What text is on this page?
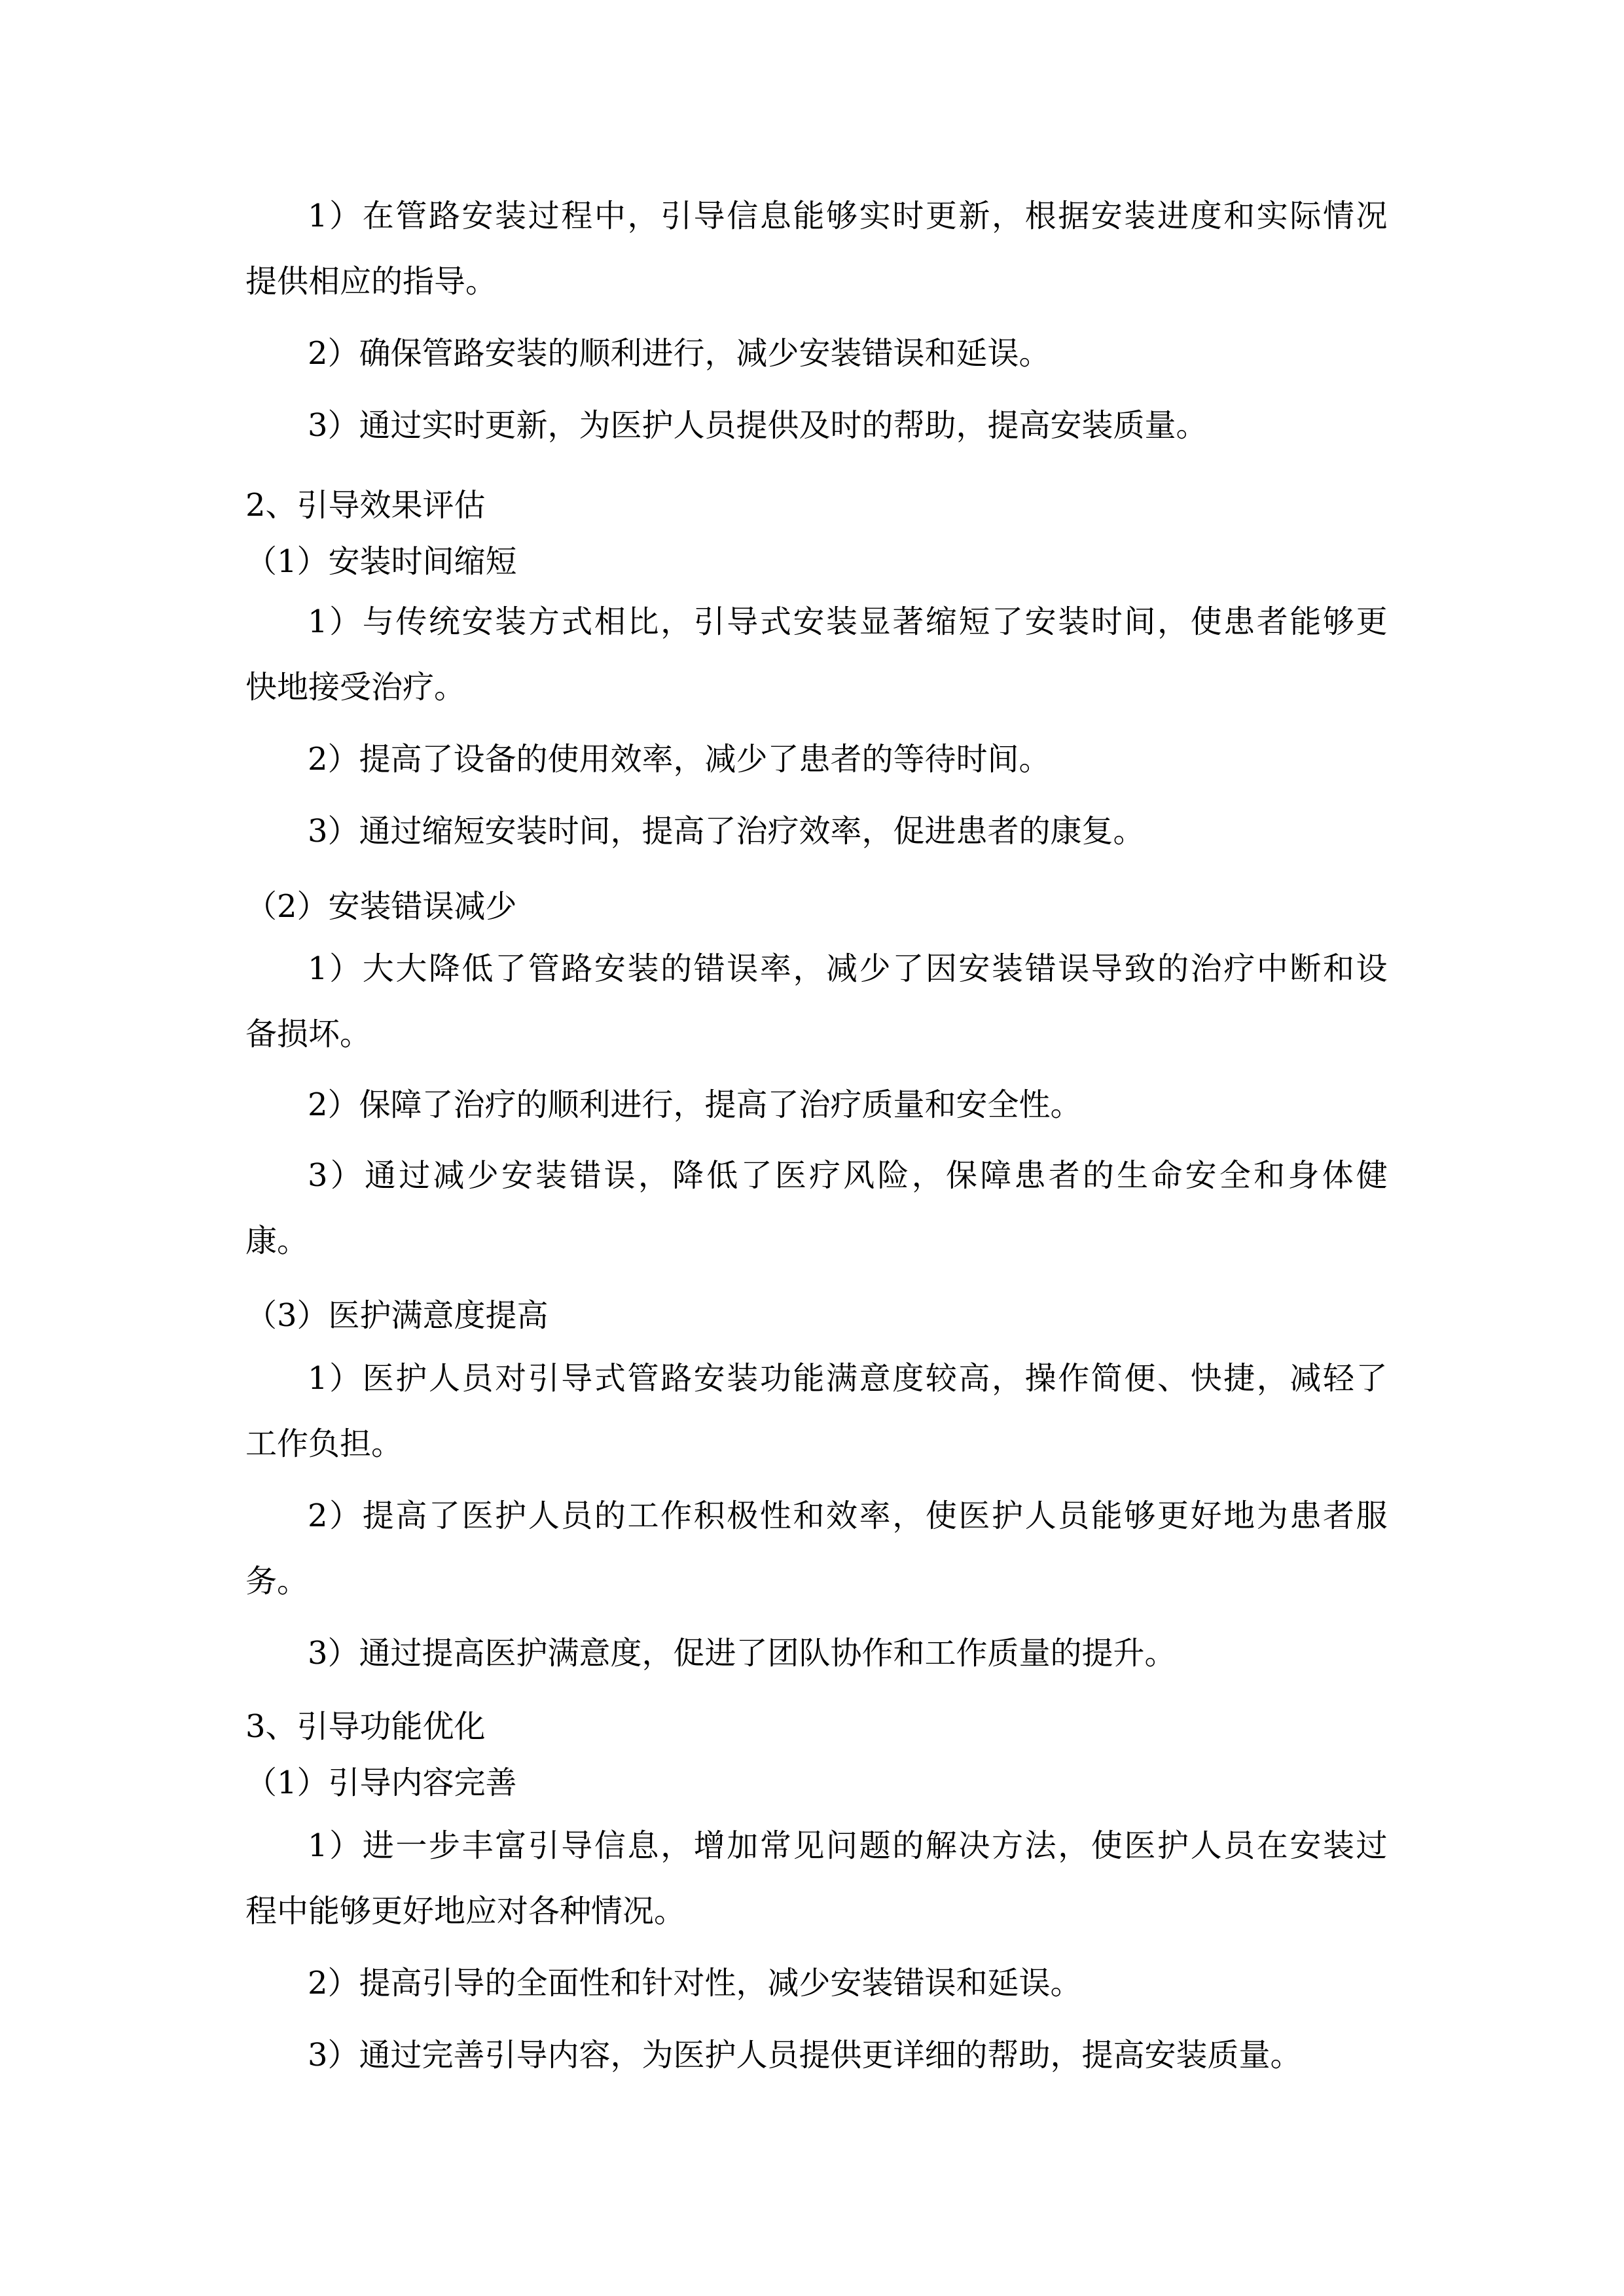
1 ） 在 管 路 安 装 过 程 中 ， 引 导 信 息 能 够 实 时 更 新 ， 根 据 安 装 进 度 和 实 际 情 况
提供相应的指导。
2）确保管路安装的顺利进行，减少安装错误和延误。
3）通过实时更新，为医护人员提供及时的帮助，提高安装质量。
2、引导效果评估
（1）安装时间缩短
1 ） 与 传 统 安 装 方 式 相 比 ， 引 导 式 安 装 显 著 缩 短 了 安 装 时 间 ， 使 患 者 能 够 更
快地接受治疗。
2）提高了设备的使用效率，减少了患者的等待时间。
3）通过缩短安装时间，提高了治疗效率，促进患者的康复。
（2）安装错误减少
1 ） 大 大 降 低 了 管 路 安 装 的 错 误 率 ， 减 少 了 因 安 装 错 误 导 致 的 治 疗 中 断 和 设
备损坏。
2）保障了治疗的顺利进行，提高了治疗质量和安全性。
3 ） 通 过 减 少 安 装 错 误 ， 降 低 了 医 疗 风 险 ， 保 障 患 者 的 生 命 安 全 和 身 体 健
康。
（3）医护满意度提高
1 ） 医 护 人 员 对 引 导 式 管 路 安 装 功 能 满 意 度 较 高 ， 操 作 简 便 、 快 捷 ， 减 轻 了
工作负担。
2 ） 提 高 了 医 护 人 员 的 工 作 积 极 性 和 效 率 ， 使 医 护 人 员 能 够 更 好 地 为 患 者 服
务。
3）通过提高医护满意度，促进了团队协作和工作质量的提升。
3、引导功能优化
（1）引导内容完善
1 ） 进 一 步 丰 富 引 导 信 息 ， 增 加 常 见 问 题 的 解 决 方 法 ， 使 医 护 人 员 在 安 装 过
程中能够更好地应对各种情况。
2）提高引导的全面性和针对性，减少安装错误和延误。
3）通过完善引导内容，为医护人员提供更详细的帮助，提高安装质量。
